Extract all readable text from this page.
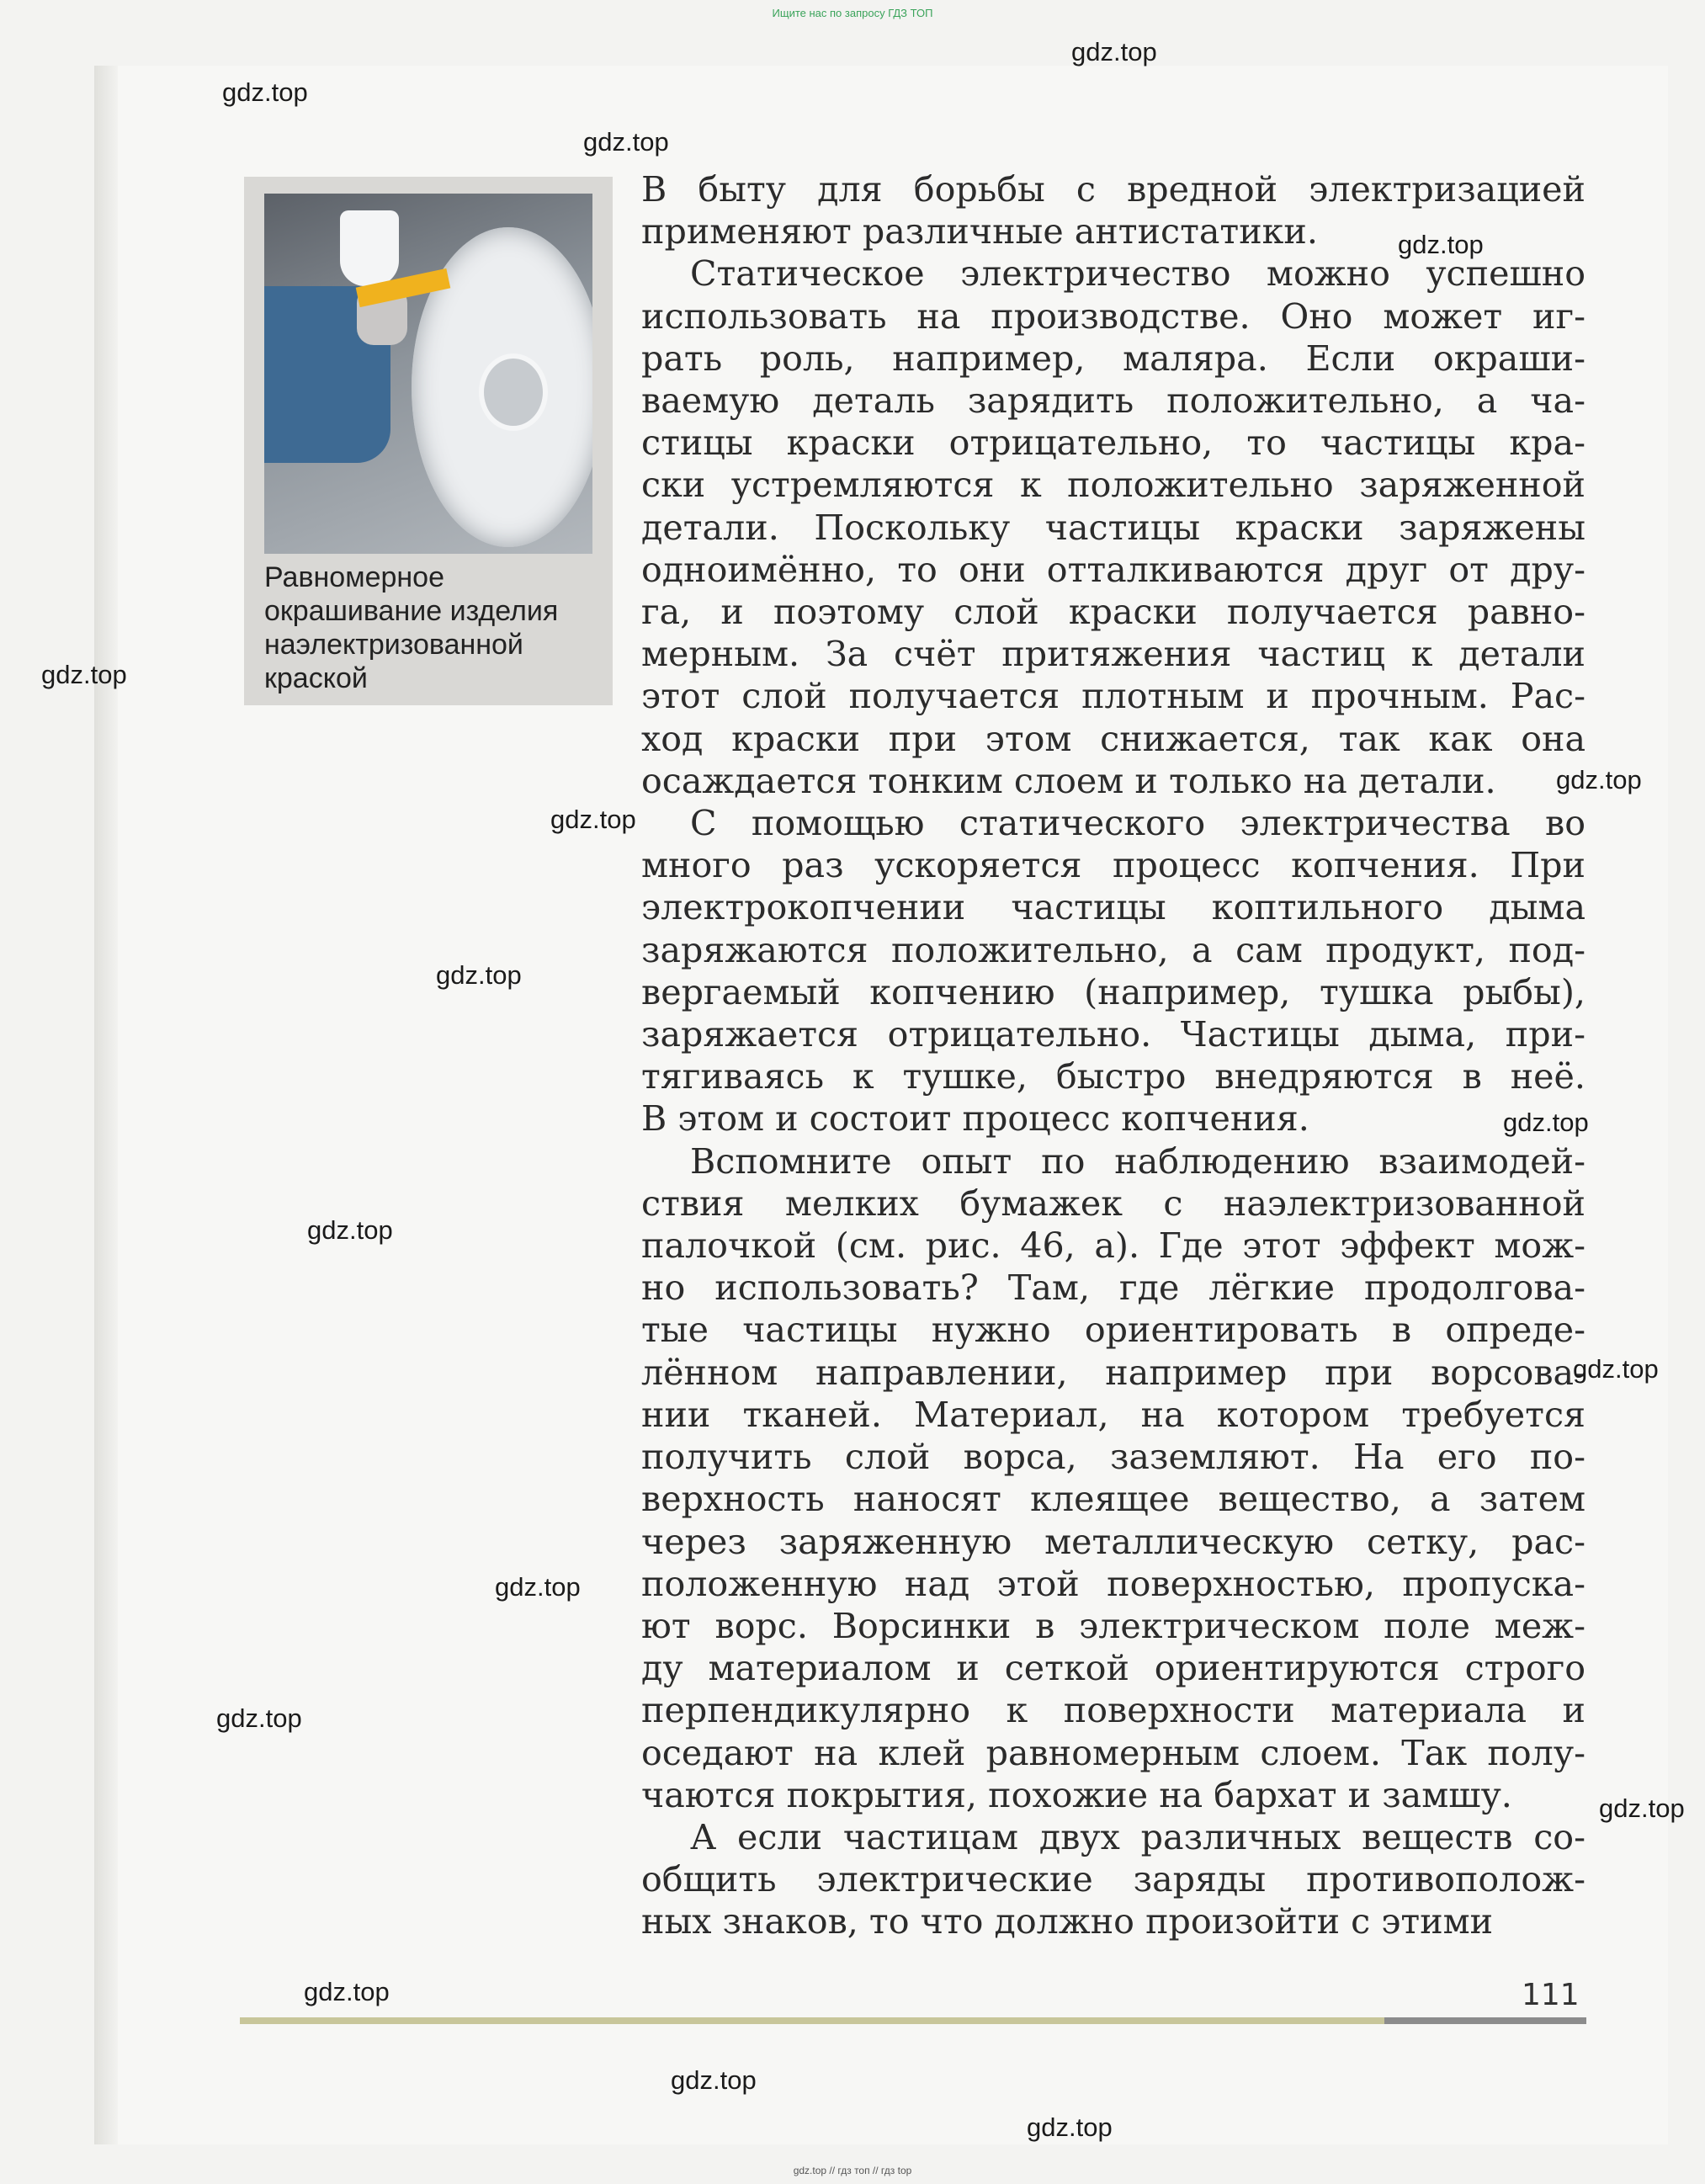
Ищите нас по запросу ГДЗ ТОП
Равномерное
окрашивание изделия
наэлектризованной
краской
В быту для борьбы с вредной электризацией
применяют различные антистатики.
Статическое электричество можно успешно
использовать на производстве. Оно может иг-
рать роль, например, маляра. Если окраши-
ваемую деталь зарядить положительно, а ча-
стицы краски отрицательно, то частицы кра-
ски устремляются к положительно заряженной
детали. Поскольку частицы краски заряжены
одноимённо, то они отталкиваются друг от дру-
га, и поэтому слой краски получается равно-
мерным. За счёт притяжения частиц к детали
этот слой получается плотным и прочным. Рас-
ход краски при этом снижается, так как она
осаждается тонким слоем и только на детали.
С помощью статического электричества во
много раз ускоряется процесс копчения. При
электрокопчении частицы коптильного дыма
заряжаются положительно, а сам продукт, под-
вергаемый копчению (например, тушка рыбы),
заряжается отрицательно. Частицы дыма, при-
тягиваясь к тушке, быстро внедряются в неё.
В этом и состоит процесс копчения.
Вспомните опыт по наблюдению взаимодей-
ствия мелких бумажек с наэлектризованной
палочкой (см. рис. 46, а). Где этот эффект мож-
но использовать? Там, где лёгкие продолгова-
тые частицы нужно ориентировать в опреде-
лённом направлении, например при ворсова-
нии тканей. Материал, на котором требуется
получить слой ворса, заземляют. На его по-
верхность наносят клеящее вещество, а затем
через заряженную металлическую сетку, рас-
положенную над этой поверхностью, пропуска-
ют ворс. Ворсинки в электрическом поле меж-
ду материалом и сеткой ориентируются строго
перпендикулярно к поверхности материала и
оседают на клей равномерным слоем. Так полу-
чаются покрытия, похожие на бархат и замшу.
А если частицам двух различных веществ со-
общить электрические заряды противополож-
ных знаков, то что должно произойти с этими
111
gdz.top
gdz.top
gdz.top
gdz.top
gdz.top
gdz.top
gdz.top
gdz.top
gdz.top
gdz.top
gdz.top
gdz.top
gdz.top
gdz.top
gdz.top
gdz.top
gdz.top
gdz.top // гдз топ // гдз top
